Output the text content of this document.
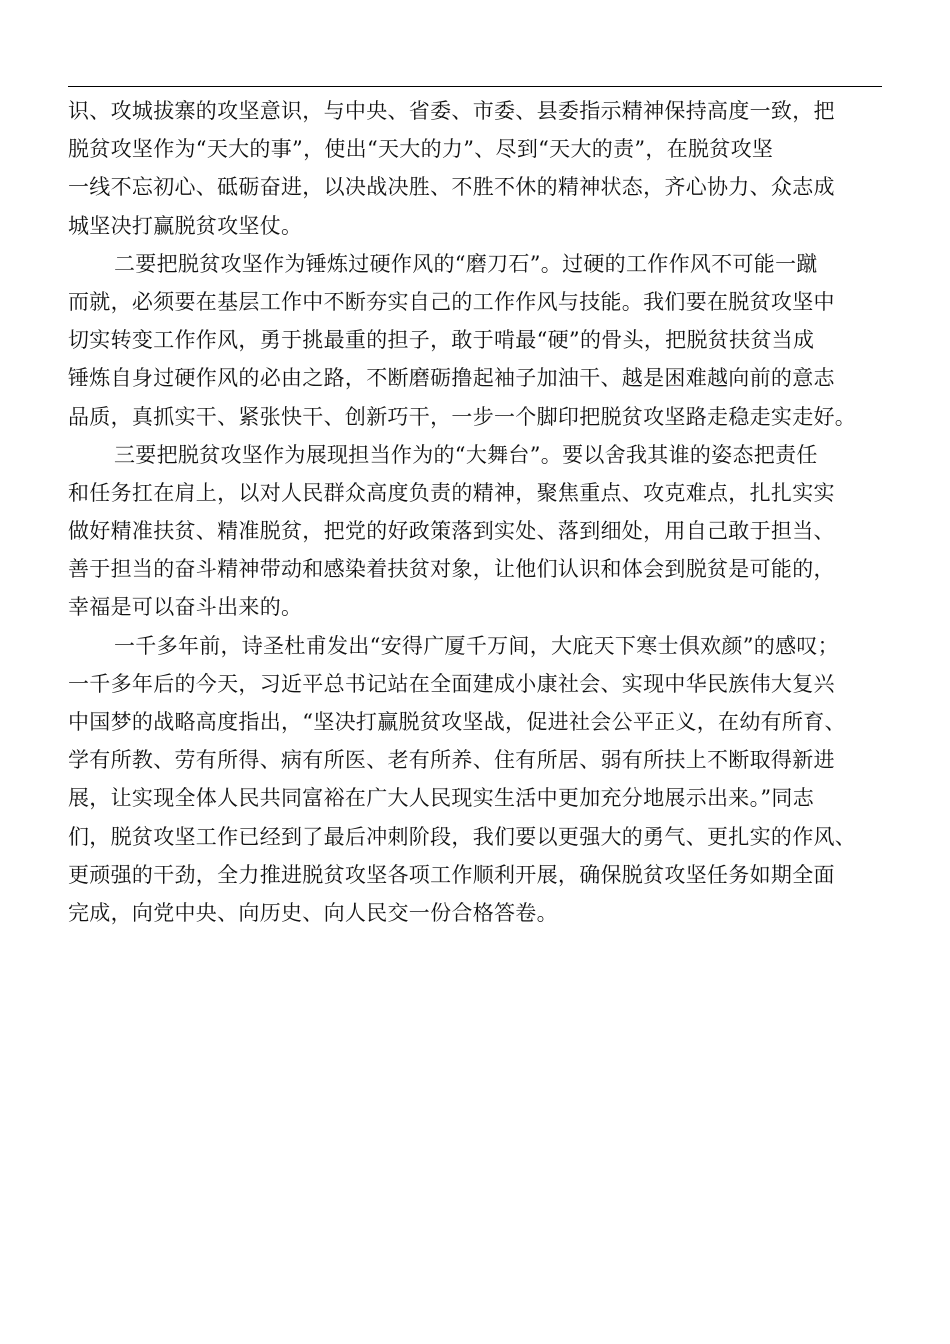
识、攻城拔寨的攻坚意识，与中央、省委、市委、县委指示精神保持高度一致，把
脱贫攻坚作为“天大的事”，使出“天大的力”、尽到“天大的责”，在脱贫攻坚
一线不忘初心、砥砺奋进，以决战决胜、不胜不休的精神状态，齐心协力、众志成
城坚决打赢脱贫攻坚仗。
二要把脱贫攻坚作为锤炼过硬作风的“磨刀石”。过硬的工作作风不可能一蹴
而就，必须要在基层工作中不断夯实自己的工作作风与技能。我们要在脱贫攻坚中
切实转变工作作风，勇于挑最重的担子，敢于啃最“硬”的骨头，把脱贫扶贫当成
锤炼自身过硬作风的必由之路，不断磨砺撸起袖子加油干、越是困难越向前的意志
品质，真抓实干、紧张快干、创新巧干，一步一个脚印把脱贫攻坚路走稳走实走好。
三要把脱贫攻坚作为展现担当作为的“大舞台”。要以舍我其谁的姿态把责任
和任务扛在肩上，以对人民群众高度负责的精神，聚焦重点、攻克难点，扎扎实实
做好精准扶贫、精准脱贫，把党的好政策落到实处、落到细处，用自己敢于担当、
善于担当的奋斗精神带动和感染着扶贫对象，让他们认识和体会到脱贫是可能的，
幸福是可以奋斗出来的。
一千多年前，诗圣杜甫发出“安得广厦千万间，大庇天下寒士俱欢颜”的感叹；
一千多年后的今天，习近平总书记站在全面建成小康社会、实现中华民族伟大复兴
中国梦的战略高度指出，“坚决打赢脱贫攻坚战，促进社会公平正义，在幼有所育、
学有所教、劳有所得、病有所医、老有所养、住有所居、弱有所扶上不断取得新进
展，让实现全体人民共同富裕在广大人民现实生活中更加充分地展示出来。”同志
们，脱贫攻坚工作已经到了最后冲刺阶段，我们要以更强大的勇气、更扎实的作风、
更顽强的干劲，全力推进脱贫攻坚各项工作顺利开展，确保脱贫攻坚任务如期全面
完成，向党中央、向历史、向人民交一份合格答卷。
